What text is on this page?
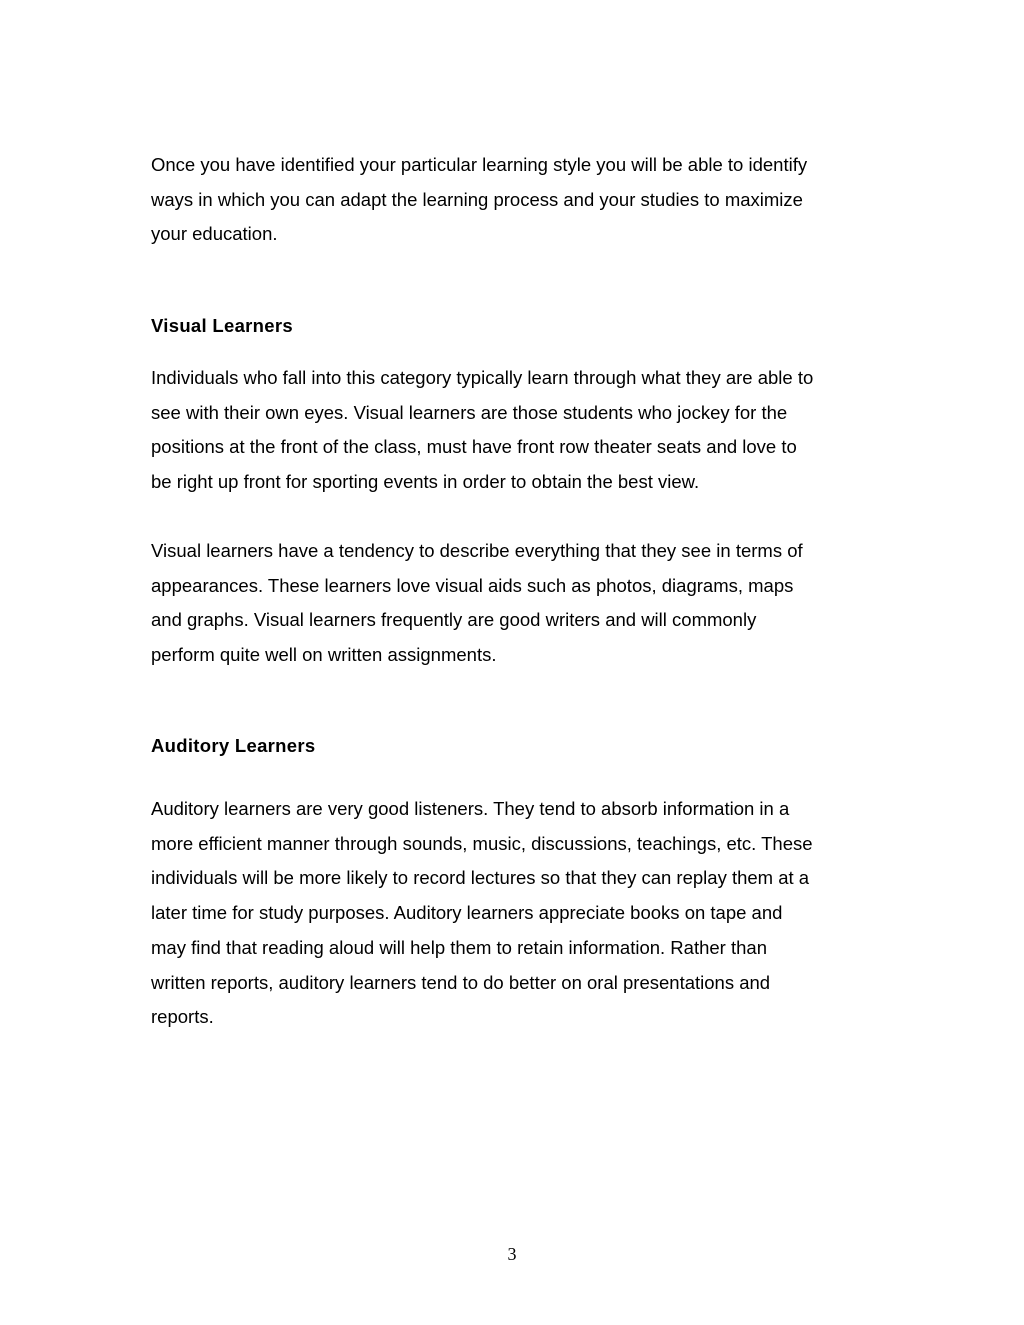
Once you have identified your particular learning style you will be able to identify
ways in which you can adapt the learning process and your studies to maximize
your education.
Visual Learners
Individuals who fall into this category typically learn through what they are able to
see with their own eyes. Visual learners are those students who jockey for the
positions at the front of the class, must have front row theater seats and love to
be right up front for sporting events in order to obtain the best view.
Visual learners have a tendency to describe everything that they see in terms of
appearances. These learners love visual aids such as photos, diagrams, maps
and graphs. Visual learners frequently are good writers and will commonly
perform quite well on written assignments.
Auditory Learners
Auditory learners are very good listeners. They tend to absorb information in a
more efficient manner through sounds, music, discussions, teachings, etc. These
individuals will be more likely to record lectures so that they can replay them at a
later time for study purposes. Auditory learners appreciate books on tape and
may find that reading aloud will help them to retain information. Rather than
written reports, auditory learners tend to do better on oral presentations and
reports.
3
